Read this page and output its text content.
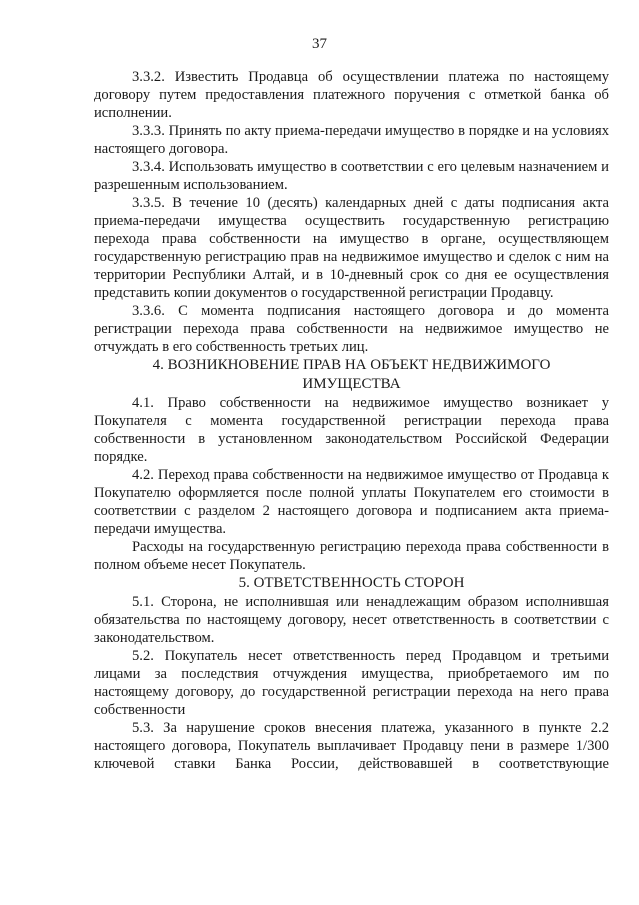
37

3.3.2. Известить Продавца об осуществлении платежа по настоящему договору путем предоставления платежного поручения с отметкой банка об исполнении.

3.3.3. Принять по акту приема-передачи имущество в порядке и на условиях настоящего договора.

3.3.4. Использовать имущество в соответствии с его целевым назначением и разрешенным использованием.

3.3.5. В течение 10 (десять) календарных дней с даты подписания акта приема-передачи имущества осуществить государственную регистрацию перехода права собственности на имущество в органе, осуществляющем государственную регистрацию прав на недвижимое имущество и сделок с ним на территории Республики Алтай, и в 10-дневный срок со дня ее осуществления представить копии документов о государственной регистрации Продавцу.

3.3.6. С момента подписания настоящего договора и до момента регистрации перехода права собственности на недвижимое имущество не отчуждать в его собственность третьих лиц.

4. ВОЗНИКНОВЕНИЕ ПРАВ НА ОБЪЕКТ НЕДВИЖИМОГО ИМУЩЕСТВА

4.1. Право собственности на недвижимое имущество возникает у Покупателя с момента государственной регистрации перехода права собственности в установленном законодательством Российской Федерации порядке.

4.2. Переход права собственности на недвижимое имущество от Продавца к Покупателю оформляется после полной уплаты Покупателем его стоимости в соответствии с разделом 2 настоящего договора и подписанием акта приема-передачи имущества.

Расходы на государственную регистрацию перехода права собственности в полном объеме несет Покупатель.

5. ОТВЕТСТВЕННОСТЬ СТОРОН

5.1. Сторона, не исполнившая или ненадлежащим образом исполнившая обязательства по настоящему договору, несет ответственность в соответствии с законодательством.

5.2. Покупатель несет ответственность перед Продавцом и третьими лицами за последствия отчуждения имущества, приобретаемого им по настоящему договору, до государственной регистрации перехода на него права собственности

5.3. За нарушение сроков внесения платежа, указанного в пункте 2.2 настоящего договора, Покупатель выплачивает Продавцу пени в размере 1/300 ключевой ставки Банка России, действовавшей в соответствующие
